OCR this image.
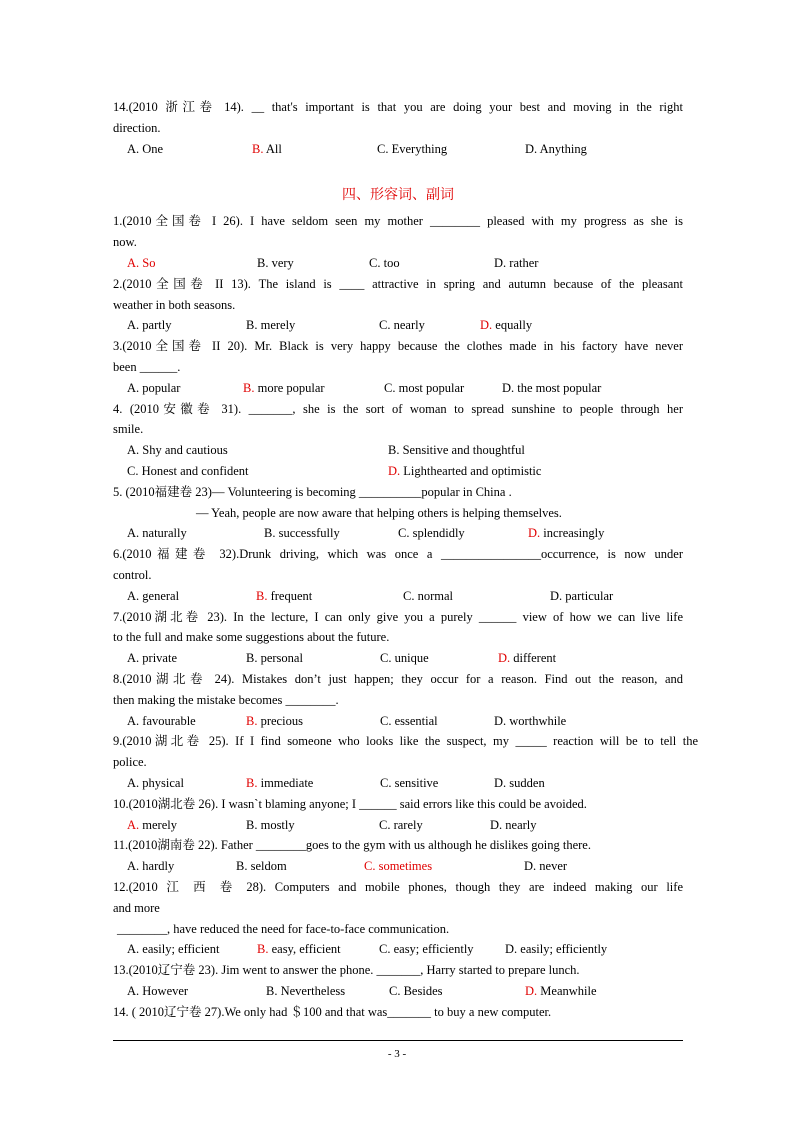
14.(2010 浙江卷 14). __ that's important is that you are doing your best and moving in the right
direction.
A. One	B. All	C. Everything	D. Anything
四、形容词、副词
1.(2010全国卷 I 26). I have seldom seen my mother ________ pleased with my progress as she is
now.
A. So	B. very	C. too	D. rather
2.(2010全国卷 II 13). The island is ____ attractive in spring and autumn because of the pleasant
weather in both seasons.
A. partly	B. merely	C. nearly	D. equally
3.(2010全国卷 II 20). Mr. Black is very happy because the clothes made in his factory have never
been ______.
A. popular	B. more popular	C. most popular	D. the most popular
4. (2010安徽卷 31). _______, she is the sort of woman to spread sunshine to people through her
smile.
A. Shy and cautious	B. Sensitive and thoughtful
C. Honest and confident	D. Lighthearted and optimistic
5. (2010福建卷 23)— Volunteering is becoming __________popular in China .
— Yeah, people are now aware that helping others is helping themselves.
A. naturally	B. successfully	C. splendidly	D. increasingly
6.(2010福建卷 32).Drunk driving, which was once a ________________occurrence, is now under
control.
A. general	B. frequent	C. normal	D. particular
7.(2010湖北卷 23). In the lecture, I can only give you a purely ______ view of how we can live life
to the full and make some suggestions about the future.
A. private	B. personal	C. unique	D. different
8.(2010湖北卷 24). Mistakes don’t just happen; they occur for a reason. Find out the reason, and
then making the mistake becomes ________.
A. favourable	B. precious	C. essential	D. worthwhile
9.(2010湖北卷 25). If I find someone who looks like the suspect, my _____ reaction will be to tell the
police.
A. physical	B. immediate	C. sensitive	D. sudden
10.(2010湖北卷 26). I wasn`t blaming anyone; I ______ said errors like this could be avoided.
A. merely	B. mostly	C. rarely	D. nearly
11.(2010湖南卷 22). Father ________goes to the gym with us although he dislikes going there.
A. hardly	B. seldom	C. sometimes	D. never
12.(2010 江 西 卷 28). Computers and mobile phones, though they are indeed making our life
and more
________, have reduced the need for face-to-face communication.
A. easily; efficient	B. easy, efficient	C. easy; efficiently	D. easily; efficiently
13.(2010辽宁卷 23). Jim went to answer the phone. _______, Harry started to prepare lunch.
A. However	B. Nevertheless	C. Besides	D. Meanwhile
14. ( 2010辽宁卷 27).We only had ＄100 and that was_______ to buy a new computer.
- 3 -
